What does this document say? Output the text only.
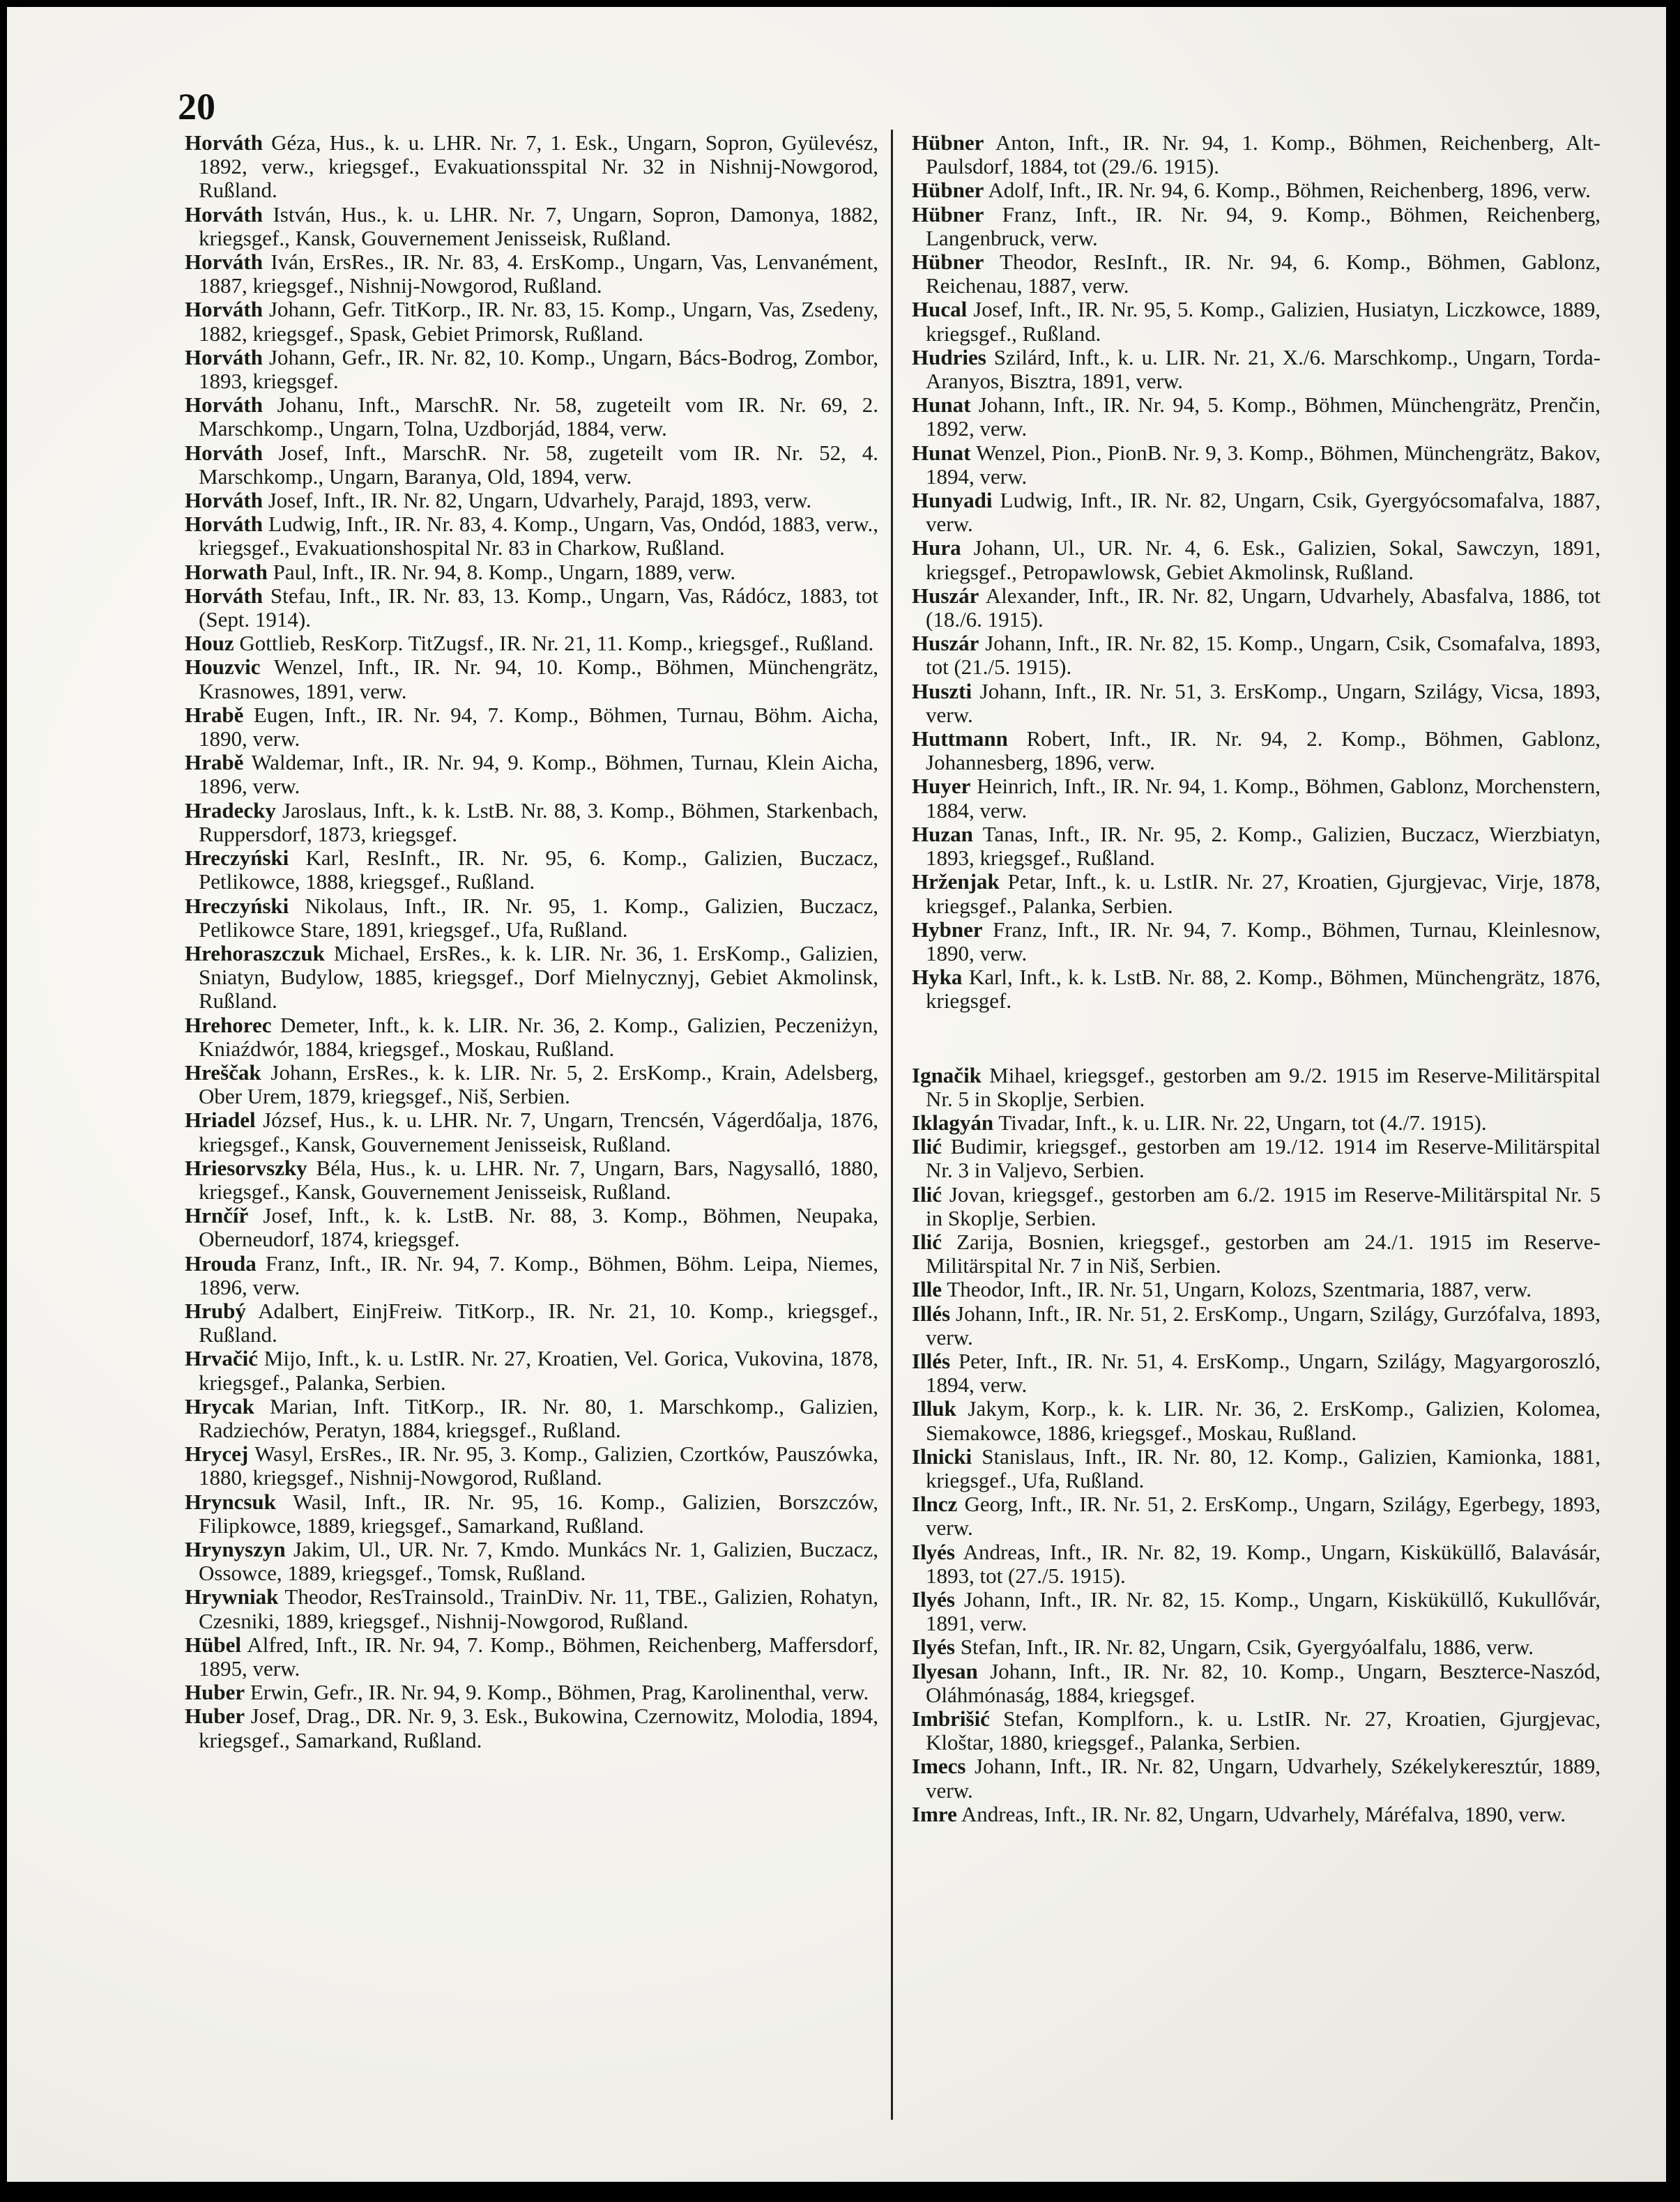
20

Horváth Géza, Hus., k. u. LHR. Nr. 7, 1. Esk., Ungarn, Sopron, Gyülevész, 1892, verw., kriegsgef., Evakuationsspital Nr. 32 in Nishnij-Nowgorod, Rußland.

Horváth István, Hus., k. u. LHR. Nr. 7, Ungarn, Sopron, Damonya, 1882, kriegsgef., Kansk, Gouvernement Jenisseisk, Rußland.

Horváth Iván, ErsRes., IR. Nr. 83, 4. ErsKomp., Ungarn, Vas, Lenvanément, 1887, kriegsgef., Nishnij-Nowgorod, Rußland.

Horváth Johann, Gefr. TitKorp., IR. Nr. 83, 15. Komp., Ungarn, Vas, Zsedeny, 1882, kriegsgef., Spask, Gebiet Primorsk, Rußland.

Horváth Johann, Gefr., IR. Nr. 82, 10. Komp., Ungarn, Bács-Bodrog, Zombor, 1893, kriegsgef.

Horváth Johanu, Inft., MarschR. Nr. 58, zugeteilt vom IR. Nr. 69, 2. Marschkomp., Ungarn, Tolna, Uzdborjád, 1884, verw.

Horváth Josef, Inft., MarschR. Nr. 58, zugeteilt vom IR. Nr. 52, 4. Marschkomp., Ungarn, Baranya, Old, 1894, verw.

Horváth Josef, Inft., IR. Nr. 82, Ungarn, Udvarhely, Parajd, 1893, verw.

Horváth Ludwig, Inft., IR. Nr. 83, 4. Komp., Ungarn, Vas, Ondód, 1883, verw., kriegsgef., Evakuationshospital Nr. 83 in Charkow, Rußland.

Horwath Paul, Inft., IR. Nr. 94, 8. Komp., Ungarn, 1889, verw.

Horváth Stefau, Inft., IR. Nr. 83, 13. Komp., Ungarn, Vas, Rádócz, 1883, tot (Sept. 1914).

Houz Gottlieb, ResKorp. TitZugsf., IR. Nr. 21, 11. Komp., kriegsgef., Rußland.

Houzvic Wenzel, Inft., IR. Nr. 94, 10. Komp., Böhmen, Münchengrätz, Krasnowes, 1891, verw.

Hrabě Eugen, Inft., IR. Nr. 94, 7. Komp., Böhmen, Turnau, Böhm. Aicha, 1890, verw.

Hrabě Waldemar, Inft., IR. Nr. 94, 9. Komp., Böhmen, Turnau, Klein Aicha, 1896, verw.

Hradecky Jaroslaus, Inft., k. k. LstB. Nr. 88, 3. Komp., Böhmen, Starkenbach, Ruppersdorf, 1873, kriegsgef.

Hreczyński Karl, ResInft., IR. Nr. 95, 6. Komp., Galizien, Buczacz, Petlikowce, 1888, kriegsgef., Rußland.

Hreczyński Nikolaus, Inft., IR. Nr. 95, 1. Komp., Galizien, Buczacz, Petlikowce Stare, 1891, kriegsgef., Ufa, Rußland.

Hrehoraszczuk Michael, ErsRes., k. k. LIR. Nr. 36, 1. ErsKomp., Galizien, Sniatyn, Budylow, 1885, kriegsgef., Dorf Mielnycznyj, Gebiet Akmolinsk, Rußland.

Hrehorec Demeter, Inft., k. k. LIR. Nr. 36, 2. Komp., Galizien, Peczeniżyn, Kniaźdwór, 1884, kriegsgef., Moskau, Rußland.

Hreščak Johann, ErsRes., k. k. LIR. Nr. 5, 2. ErsKomp., Krain, Adelsberg, Ober Urem, 1879, kriegsgef., Niš, Serbien.

Hriadel József, Hus., k. u. LHR. Nr. 7, Ungarn, Trencsén, Vágerdőalja, 1876, kriegsgef., Kansk, Gouvernement Jenisseisk, Rußland.

Hriesorvszky Béla, Hus., k. u. LHR. Nr. 7, Ungarn, Bars, Nagysalló, 1880, kriegsgef., Kansk, Gouvernement Jenisseisk, Rußland.

Hrnčíř Josef, Inft., k. k. LstB. Nr. 88, 3. Komp., Böhmen, Neupaka, Oberneudorf, 1874, kriegsgef.

Hrouda Franz, Inft., IR. Nr. 94, 7. Komp., Böhmen, Böhm. Leipa, Niemes, 1896, verw.

Hrubý Adalbert, EinjFreiw. TitKorp., IR. Nr. 21, 10. Komp., kriegsgef., Rußland.

Hrvačić Mijo, Inft., k. u. LstIR. Nr. 27, Kroatien, Vel. Gorica, Vukovina, 1878, kriegsgef., Palanka, Serbien.

Hrycak Marian, Inft. TitKorp., IR. Nr. 80, 1. Marschkomp., Galizien, Radziechów, Peratyn, 1884, kriegsgef., Rußland.

Hrycej Wasyl, ErsRes., IR. Nr. 95, 3. Komp., Galizien, Czortków, Pauszówka, 1880, kriegsgef., Nishnij-Nowgorod, Rußland.

Hryncsuk Wasil, Inft., IR. Nr. 95, 16. Komp., Galizien, Borszczów, Filipkowce, 1889, kriegsgef., Samarkand, Rußland.

Hrynyszyn Jakim, Ul., UR. Nr. 7, Kmdo. Munkács Nr. 1, Galizien, Buczacz, Ossowce, 1889, kriegsgef., Tomsk, Rußland.

Hrywniak Theodor, ResTrainsold., TrainDiv. Nr. 11, TBE., Galizien, Rohatyn, Czesniki, 1889, kriegsgef., Nishnij-Nowgorod, Rußland.

Hübel Alfred, Inft., IR. Nr. 94, 7. Komp., Böhmen, Reichenberg, Maffersdorf, 1895, verw.

Huber Erwin, Gefr., IR. Nr. 94, 9. Komp., Böhmen, Prag, Karolinenthal, verw.

Huber Josef, Drag., DR. Nr. 9, 3. Esk., Bukowina, Czernowitz, Molodia, 1894, kriegsgef., Samarkand, Rußland.

Hübner Anton, Inft., IR. Nr. 94, 1. Komp., Böhmen, Reichenberg, Alt-Paulsdorf, 1884, tot (29./6. 1915).

Hübner Adolf, Inft., IR. Nr. 94, 6. Komp., Böhmen, Reichenberg, 1896, verw.

Hübner Franz, Inft., IR. Nr. 94, 9. Komp., Böhmen, Reichenberg, Langenbruck, verw.

Hübner Theodor, ResInft., IR. Nr. 94, 6. Komp., Böhmen, Gablonz, Reichenau, 1887, verw.

Hucal Josef, Inft., IR. Nr. 95, 5. Komp., Galizien, Husiatyn, Liczkowce, 1889, kriegsgef., Rußland.

Hudries Szilárd, Inft., k. u. LIR. Nr. 21, X./6. Marschkomp., Ungarn, Torda-Aranyos, Bisztra, 1891, verw.

Hunat Johann, Inft., IR. Nr. 94, 5. Komp., Böhmen, Münchengrätz, Prenčin, 1892, verw.

Hunat Wenzel, Pion., PionB. Nr. 9, 3. Komp., Böhmen, Münchengrätz, Bakov, 1894, verw.

Hunyadi Ludwig, Inft., IR. Nr. 82, Ungarn, Csik, Gyergyócsomafalva, 1887, verw.

Hura Johann, Ul., UR. Nr. 4, 6. Esk., Galizien, Sokal, Sawczyn, 1891, kriegsgef., Petropawlowsk, Gebiet Akmolinsk, Rußland.

Huszár Alexander, Inft., IR. Nr. 82, Ungarn, Udvarhely, Abasfalva, 1886, tot (18./6. 1915).

Huszár Johann, Inft., IR. Nr. 82, 15. Komp., Ungarn, Csik, Csomafalva, 1893, tot (21./5. 1915).

Huszti Johann, Inft., IR. Nr. 51, 3. ErsKomp., Ungarn, Szilágy, Vicsa, 1893, verw.

Huttmann Robert, Inft., IR. Nr. 94, 2. Komp., Böhmen, Gablonz, Johannesberg, 1896, verw.

Huyer Heinrich, Inft., IR. Nr. 94, 1. Komp., Böhmen, Gablonz, Morchenstern, 1884, verw.

Huzan Tanas, Inft., IR. Nr. 95, 2. Komp., Galizien, Buczacz, Wierzbiatyn, 1893, kriegsgef., Rußland.

Hrženjak Petar, Inft., k. u. LstIR. Nr. 27, Kroatien, Gjurgjevac, Virje, 1878, kriegsgef., Palanka, Serbien.

Hybner Franz, Inft., IR. Nr. 94, 7. Komp., Böhmen, Turnau, Kleinlesnow, 1890, verw.

Hyka Karl, Inft., k. k. LstB. Nr. 88, 2. Komp., Böhmen, Münchengrätz, 1876, kriegsgef.

Ignačik Mihael, kriegsgef., gestorben am 9./2. 1915 im Reserve-Militärspital Nr. 5 in Skoplje, Serbien.

Iklagyán Tivadar, Inft., k. u. LIR. Nr. 22, Ungarn, tot (4./7. 1915).

Ilić Budimir, kriegsgef., gestorben am 19./12. 1914 im Reserve-Militärspital Nr. 3 in Valjevo, Serbien.

Ilić Jovan, kriegsgef., gestorben am 6./2. 1915 im Reserve-Militärspital Nr. 5 in Skoplje, Serbien.

Ilić Zarija, Bosnien, kriegsgef., gestorben am 24./1. 1915 im Reserve-Militärspital Nr. 7 in Niš, Serbien.

Ille Theodor, Inft., IR. Nr. 51, Ungarn, Kolozs, Szentmaria, 1887, verw.

Illés Johann, Inft., IR. Nr. 51, 2. ErsKomp., Ungarn, Szilágy, Gurzófalva, 1893, verw.

Illés Peter, Inft., IR. Nr. 51, 4. ErsKomp., Ungarn, Szilágy, Magyargoroszló, 1894, verw.

Illuk Jakym, Korp., k. k. LIR. Nr. 36, 2. ErsKomp., Galizien, Kolomea, Siemakowce, 1886, kriegsgef., Moskau, Rußland.

Ilnicki Stanislaus, Inft., IR. Nr. 80, 12. Komp., Galizien, Kamionka, 1881, kriegsgef., Ufa, Rußland.

Ilncz Georg, Inft., IR. Nr. 51, 2. ErsKomp., Ungarn, Szilágy, Egerbegy, 1893, verw.

Ilyés Andreas, Inft., IR. Nr. 82, 19. Komp., Ungarn, Kisküküllő, Balavásár, 1893, tot (27./5. 1915).

Ilyés Johann, Inft., IR. Nr. 82, 15. Komp., Ungarn, Kisküküllő, Kukullővár, 1891, verw.

Ilyés Stefan, Inft., IR. Nr. 82, Ungarn, Csik, Gyergyóalfalu, 1886, verw.

Ilyesan Johann, Inft., IR. Nr. 82, 10. Komp., Ungarn, Beszterce-Naszód, Oláhmónaság, 1884, kriegsgef.

Imbrišić Stefan, Komplforn., k. u. LstIR. Nr. 27, Kroatien, Gjurgjevac, Kloštar, 1880, kriegsgef., Palanka, Serbien.

Imecs Johann, Inft., IR. Nr. 82, Ungarn, Udvarhely, Székelykeresztúr, 1889, verw.

Imre Andreas, Inft., IR. Nr. 82, Ungarn, Udvarhely, Máréfalva, 1890, verw.
